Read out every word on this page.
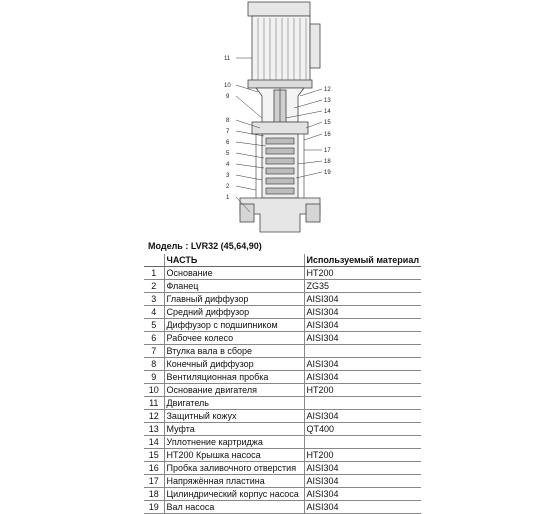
11
10
9
8
7
6
5
4
3
2
1
12
13
14
15
16
17
18
19
Модель : LVR32 (45,64,90)
	ЧАСТЬ	Используемый материал
1	Основание	HT200
2	Фланец	ZG35
3	Главный диффузор	AISI304
4	Средний диффузор	AISI304
5	Диффузор с подшипником	AISI304
6	Рабочее колесо	AISI304
7	Втулка вала в сборе	
8	Конечный диффузор	AISI304
9	Вентиляционная пробка	AISI304
10	Основание двигателя	HT200
11	Двигатель	
12	Защитный кожух	AISI304
13	Муфта	QT400
14	Уплотнение картриджа	
15	HT200 Крышка насоса	HT200
16	Пробка заливочного отверстия	AISI304
17	Напряжённая пластина	AISI304
18	Цилиндрический корпус насоса	AISI304
19	Вал насоса	AISI304
